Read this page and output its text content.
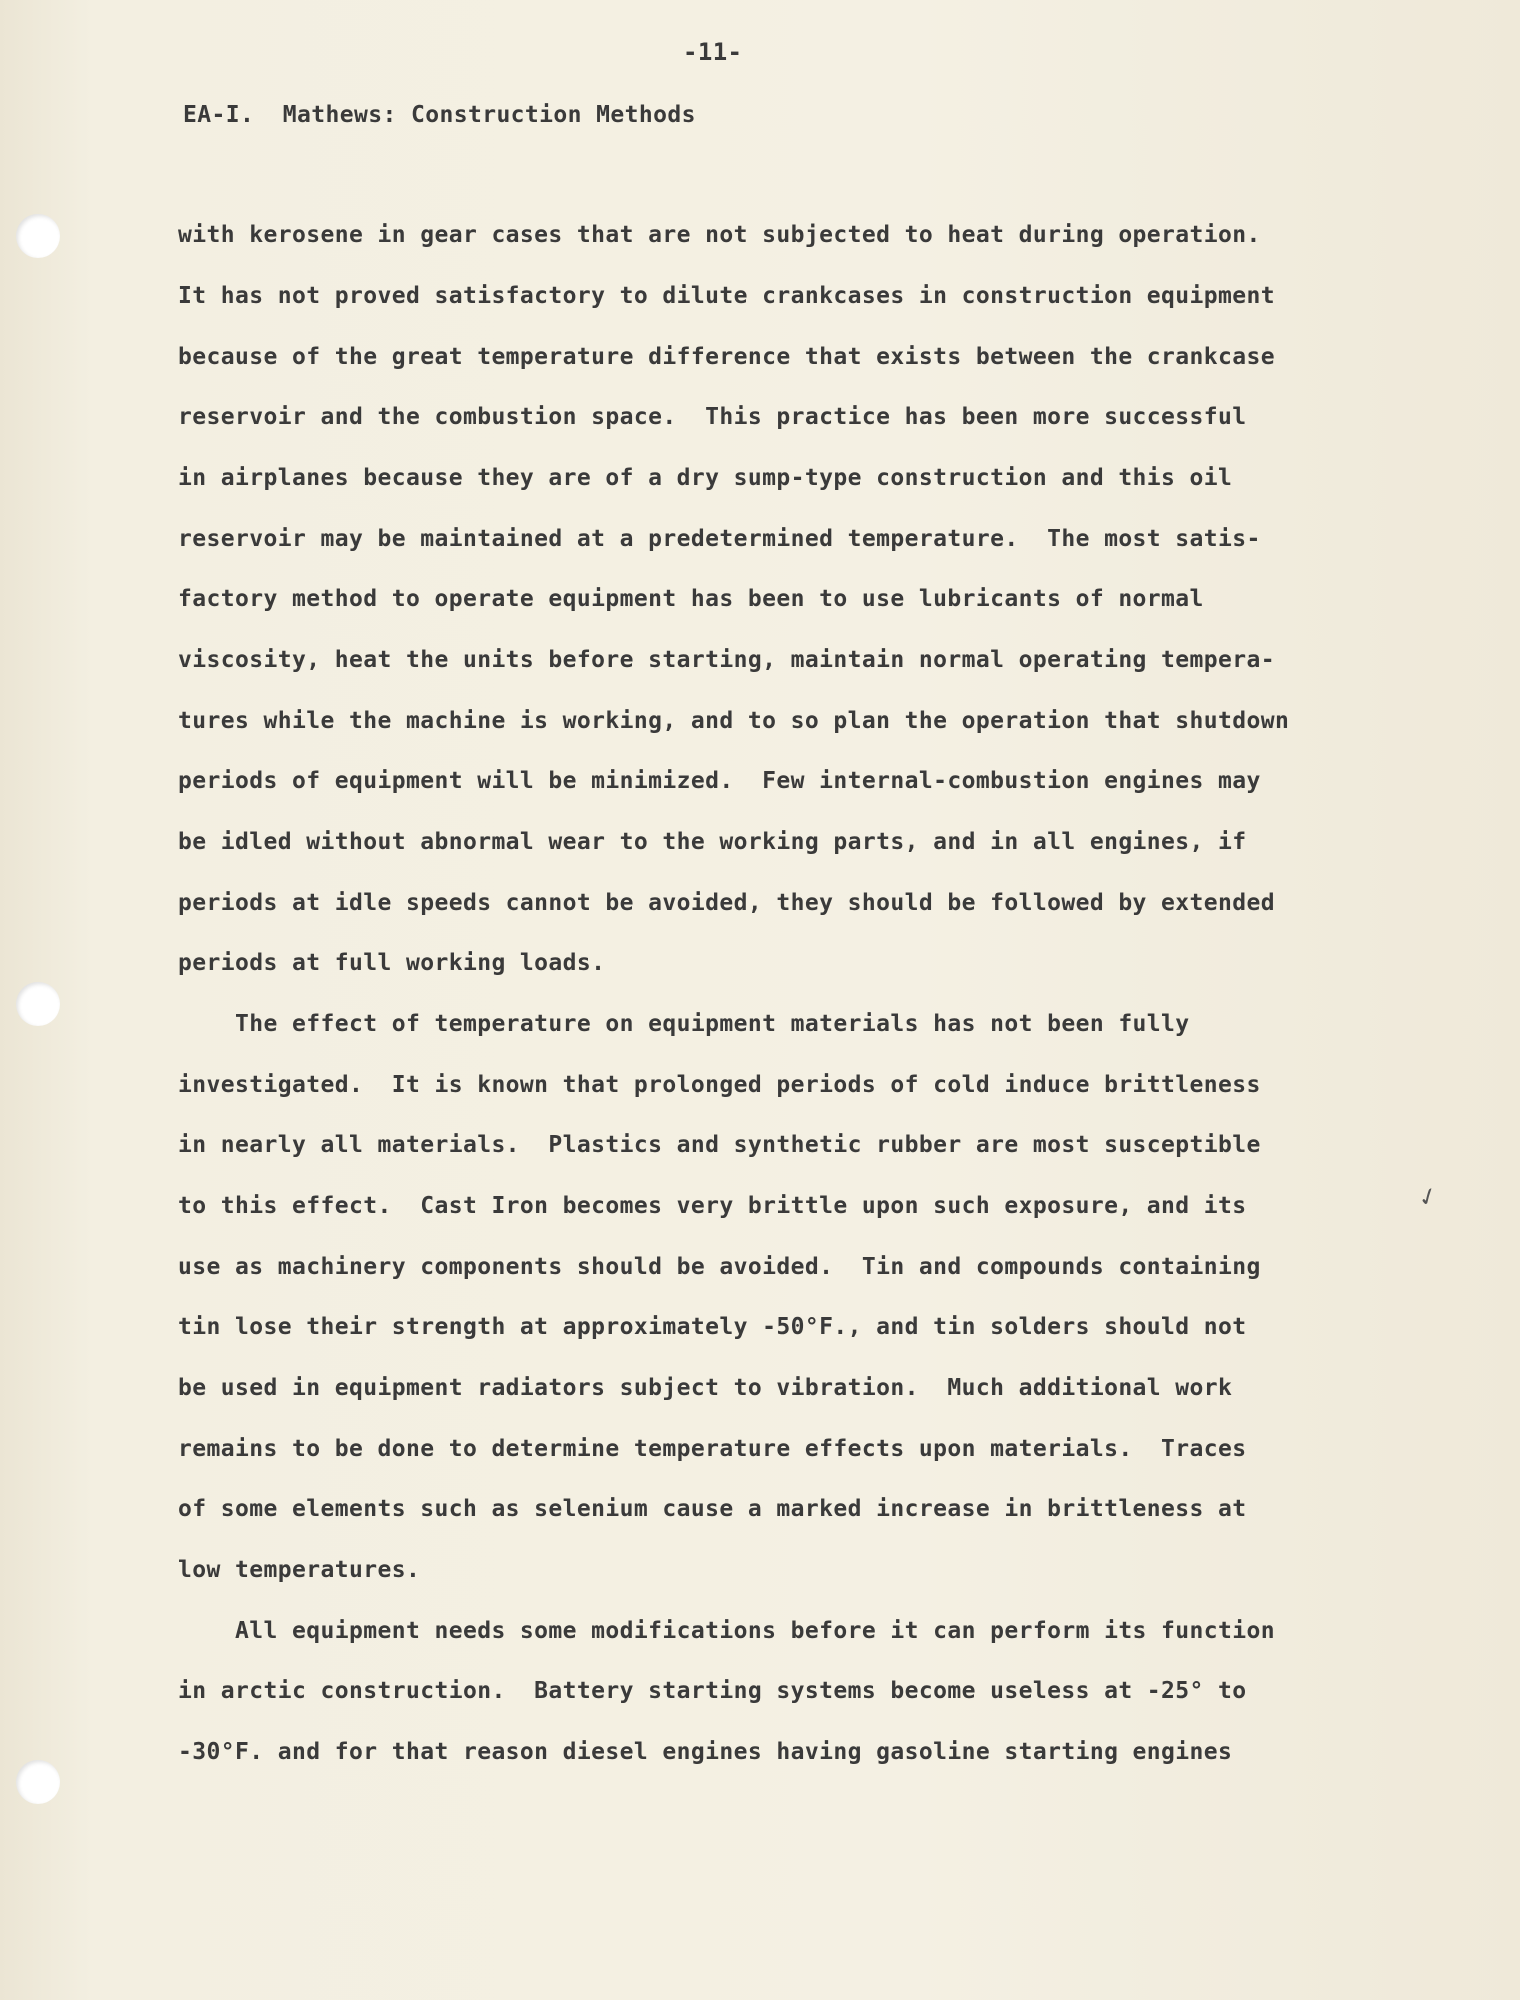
-11-
EA-I.  Mathews: Construction Methods
with kerosene in gear cases that are not subjected to heat during operation.
It has not proved satisfactory to dilute crankcases in construction equipment
because of the great temperature difference that exists between the crankcase
reservoir and the combustion space.  This practice has been more successful
in airplanes because they are of a dry sump-type construction and this oil
reservoir may be maintained at a predetermined temperature.  The most satis-
factory method to operate equipment has been to use lubricants of normal
viscosity, heat the units before starting, maintain normal operating tempera-
tures while the machine is working, and to so plan the operation that shutdown
periods of equipment will be minimized.  Few internal-combustion engines may
be idled without abnormal wear to the working parts, and in all engines, if
periods at idle speeds cannot be avoided, they should be followed by extended
periods at full working loads.
The effect of temperature on equipment materials has not been fully
investigated.  It is known that prolonged periods of cold induce brittleness
in nearly all materials.  Plastics and synthetic rubber are most susceptible
to this effect.  Cast Iron becomes very brittle upon such exposure, and its
use as machinery components should be avoided.  Tin and compounds containing
tin lose their strength at approximately -50°F., and tin solders should not
be used in equipment radiators subject to vibration.  Much additional work
remains to be done to determine temperature effects upon materials.  Traces
of some elements such as selenium cause a marked increase in brittleness at
low temperatures.
All equipment needs some modifications before it can perform its function
in arctic construction.  Battery starting systems become useless at -25° to
-30°F. and for that reason diesel engines having gasoline starting engines
✓
